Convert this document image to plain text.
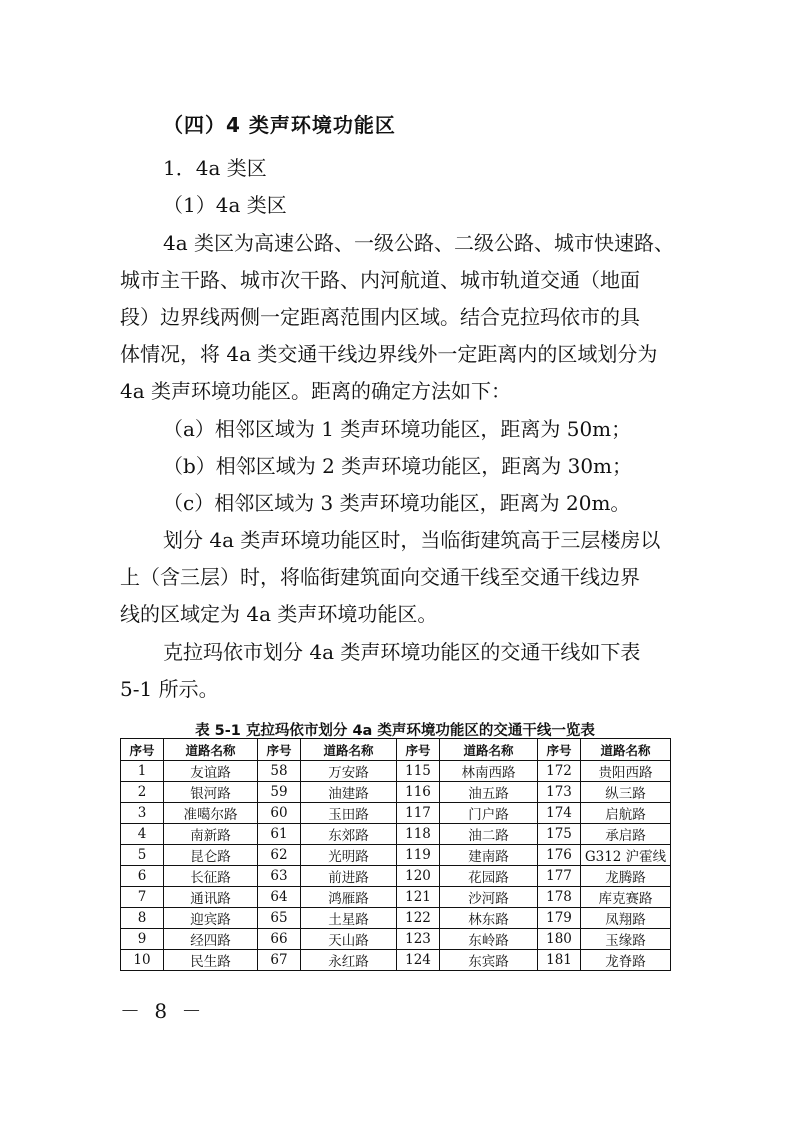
（四）4 类声环境功能区
1．4a 类区
（1）4a 类区
4a 类区为高速公路、一级公路、二级公路、城市快速路、
城市主干路、城市次干路、内河航道、城市轨道交通（地面
段）边界线两侧一定距离范围内区域。结合克拉玛依市的具
体情况，将 4a 类交通干线边界线外一定距离内的区域划分为
4a 类声环境功能区。距离的确定方法如下：
（a）相邻区域为 1 类声环境功能区，距离为 50m；
（b）相邻区域为 2 类声环境功能区，距离为 30m；
（c）相邻区域为 3 类声环境功能区，距离为 20m。
划分 4a 类声环境功能区时，当临街建筑高于三层楼房以
上（含三层）时，将临街建筑面向交通干线至交通干线边界
线的区域定为 4a 类声环境功能区。
克拉玛依市划分 4a 类声环境功能区的交通干线如下表
5-1 所示。
表 5-1 克拉玛依市划分 4a 类声环境功能区的交通干线一览表
序号	道路名称	序号	道路名称	序号	道路名称	序号	道路名称
1	友谊路	58	万安路	115	林南西路	172	贵阳西路
2	银河路	59	油建路	116	油五路	173	纵三路
3	准噶尔路	60	玉田路	117	门户路	174	启航路
4	南新路	61	东郊路	118	油二路	175	承启路
5	昆仑路	62	光明路	119	建南路	176	G312 沪霍线
6	长征路	63	前进路	120	花园路	177	龙腾路
7	通讯路	64	鸿雁路	121	沙河路	178	库克赛路
8	迎宾路	65	土星路	122	林东路	179	凤翔路
9	经四路	66	天山路	123	东岭路	180	玉缘路
10	民生路	67	永红路	124	东宾路	181	龙脊路
－ 8 －
